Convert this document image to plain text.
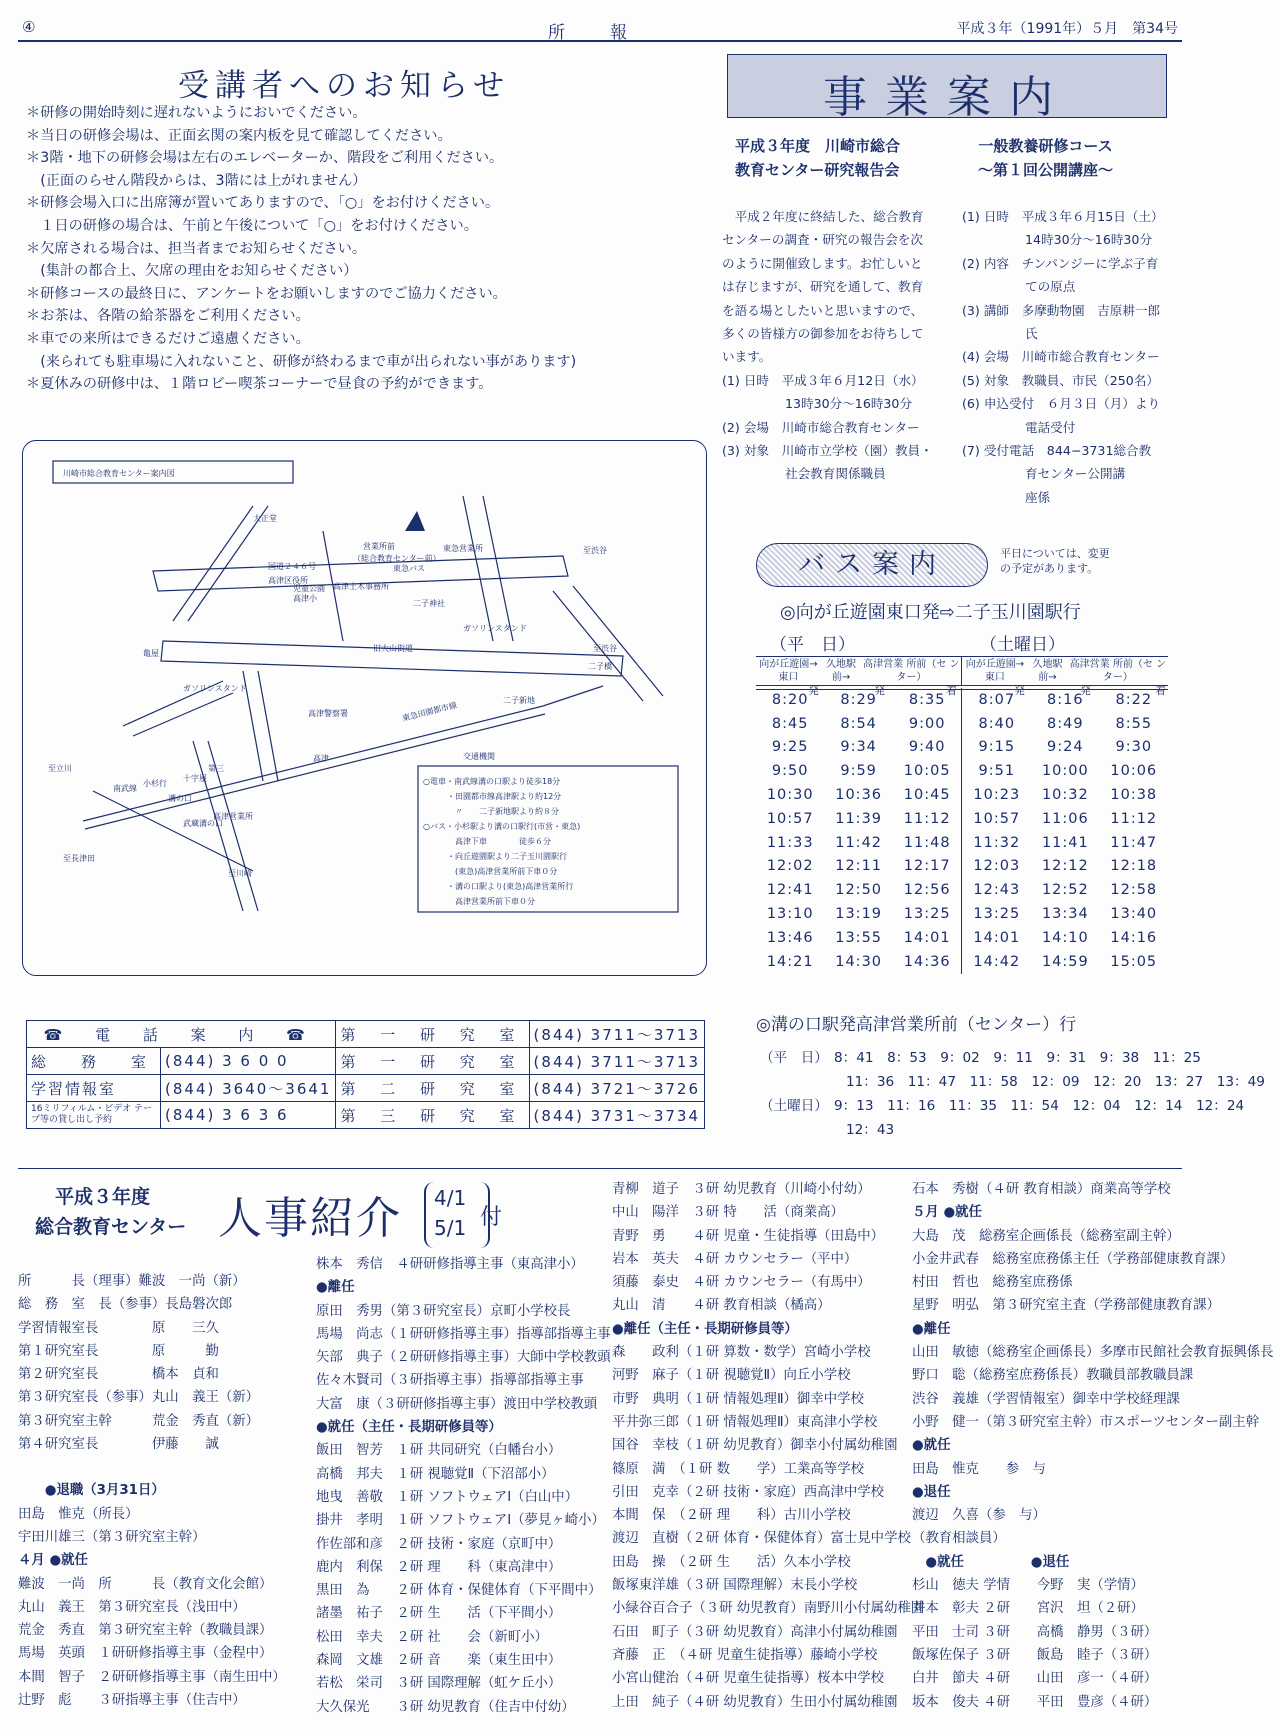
④	所　報	平成３年（1991年）５月　第34号
受講者へのお知らせ
＊研修の開始時刻に遅れないようにおいでください。
＊当日の研修会場は、正面玄関の案内板を見て確認してください。
＊3階・地下の研修会場は左右のエレベーターか、階段をご利用ください。
　(正面のらせん階段からは、3階には上がれません）
＊研修会場入口に出席簿が置いてありますので、「○」をお付けください。
　１日の研修の場合は、午前と午後について「○」をお付けください。
＊欠席される場合は、担当者までお知らせください。
　(集計の都合上、欠席の理由をお知らせください）
＊研修コースの最終日に、アンケートをお願いしますのでご協力ください。
＊お茶は、各階の給茶器をご利用ください。
＊車での来所はできるだけご遠慮ください。
　(来られても駐車場に入れないこと、研修が終わるまで車が出られない事があります)
＊夏休みの研修中は、１階ロビー喫茶コーナーで昼食の予約ができます。
川崎市総合教育センター案内図
国道２４６号
営業所前
（総合教育センター前）
旧大山街道
東急田園都市線
南武線
高津警察署
高津
溝の口
二子新地
二子橋
至渋谷
至渋谷
至長津田
至立川
至川崎
武蔵溝の口
高津営業所
高津小
東急バス
高津区役所
亀屋
小杉行
第三
十字屋
大正堂
高津土木事務所
児童公園
二子神社
ガソリンスタンド
ガソリンスタンド
東急営業所
交通機関
○電車・南武線溝の口駅より徒歩18分
　　　・田園都市線高津駅より約12分
　　　　〃　　二子新地駅より約８分
○バス・小杉駅より溝の口駅行(市営・東急)
　　　　高津下車　　　　徒歩６分
　　　・向丘遊園駅より二子玉川園駅行
　　　　(東急)高津営業所前下車０分
　　　・溝の口駅より(東急)高津営業所行
　　　　高津営業所前下車０分
☎ 電 話 案 内 ☎		第 一 研 究 室	(844) 3711〜3713
総　務　室	(844) 3 6 0 0	第 一 研 究 室	(844) 3711〜3713
学習情報室	(844) 3640〜3641	第 二 研 究 室	(844) 3721〜3726
16ミリフィルム・ビデオ テープ等の貸し出し予約	(844) 3 6 3 6	第 三 研 究 室	(844) 3731〜3734
事業案内
平成３年度　川崎市総合
教育センター研究報告会
一般教養研修コース
〜第１回公開講座〜
　平成２年度に終結した、総合教育
センターの調査・研究の報告会を次
のように開催致します。お忙しいと
は存じますが、研究を通して、教育
を語る場としたいと思いますので、
多くの皆様方の御参加をお待ちして
います。
(1) 日時　平成３年６月12日（水）
　　　　　13時30分〜16時30分
(2) 会場　川崎市総合教育センター
(3) 対象　川崎市立学校（園）教員・
　　　　　社会教育関係職員
(1) 日時　平成３年６月15日（土）
　　　　　14時30分〜16時30分
(2) 内容　チンパンジーに学ぶ子育
　　　　　ての原点
(3) 講師　多摩動物園　吉原耕一郎
　　　　　氏
(4) 会場　川崎市総合教育センター
(5) 対象　教職員、市民（250名）
(6) 申込受付　６月３日（月）より
　　　　　電話受付
(7) 受付電話　844−3731総合教
　　　　　育センター公開講
　　　　　座係
バス案内	平日については、変更
の予定があります。
◎向が丘遊園東口発⇨二子玉川園駅行
（平　日）	（土曜日）
向が丘遊園→ 東口	久地駅前→	高津営業 所前（セ ンター）	向が丘遊園→ 東口	久地駅前→	高津営業 所前（セ ンター）
発	発	着	発	発	着
8:20	8:29	8:35	8:07	8:16	8:22
8:45	8:54	9:00	8:40	8:49	8:55
9:25	9:34	9:40	9:15	9:24	9:30
9:50	9:59	10:05	9:51	10:00	10:06
10:30	10:36	10:45	10:23	10:32	10:38
10:57	11:39	11:12	10:57	11:06	11:12
11:33	11:42	11:48	11:32	11:41	11:47
12:02	12:11	12:17	12:03	12:12	12:18
12:41	12:50	12:56	12:43	12:52	12:58
13:10	13:19	13:25	13:25	13:34	13:40
13:46	13:55	14:01	14:01	14:10	14:16
14:21	14:30	14:36	14:42	14:59	15:05
◎溝の口駅発高津営業所前（センター）行
（平　日） 8：41　8：53　9：02　9：11　9：31　9：38　11：25
11：36　11：47　11：58　12：09　12：20　13：27　13：49
（土曜日） 9：13　11：16　11：35　11：54　12：04　12：14　12：24
12：43
平成３年度
総合教育センター 人事紹介 4/1
5/1 付
所　　　長（理事）難波　一尚（新）
総　務　室　長（参事）長島磐次郎
学習情報室長　　　　原　　三久
第１研究室長　　　　原　　　勤
第２研究室長　　　　橋本　貞和
第３研究室長（参事）丸山　義王（新）
第３研究室主幹　　　荒金　秀直（新）
第４研究室長　　　　伊藤　　誠
　　●退職（3月31日）
田島　惟克（所長）
宇田川雄三（第３研究室主幹）
４月 ●就任
難波　一尚　所　　　長（教育文化会館）
丸山　義王　第３研究室長（浅田中）
荒金　秀直　第３研究室主幹（教職員課）
馬場　英頭　１研研修指導主事（金程中）
本間　智子　２研研修指導主事（南生田中）
辻野　彪　　３研指導主事（住吉中）
株本　秀信　４研研修指導主事（東高津小）
●離任
原田　秀男（第３研究室長）京町小学校長
馬場　尚志（１研研修指導主事）指導部指導主事
矢部　典子（２研研修指導主事）大師中学校教頭
佐々木賢司（３研指導主事）指導部指導主事
大富　康（３研研修指導主事）渡田中学校教頭
●就任（主任・長期研修員等）
飯田　智芳　１研 共同研究（白幡台小）
高橋　邦夫　１研 視聴覚Ⅱ（下沼部小）
地曳　善敬　１研 ソフトウェアⅠ（白山中）
掛井　孝明　１研 ソフトウェアⅠ（夢見ヶ崎小）
作佐部和彦　２研 技術・家庭（京町中）
鹿内　利保　２研 理　　科（東高津中）
黒田　為　　２研 体育・保健体育（下平間中）
諸墨　祐子　２研 生　　活（下平間小）
松田　幸夫　２研 社　　会（新町小）
森岡　文雄　２研 音　　楽（東生田中）
若松　栄司　３研 国際理解（虹ケ丘小）
大久保光　　３研 幼児教育（住吉中付幼）
青柳　道子　３研 幼児教育（川崎小付幼）
中山　陽洋　３研 特　　活（商業高）
青野　勇　　４研 児童・生徒指導（田島中）
岩本　英夫　４研 カウンセラー（平中）
須藤　泰史　４研 カウンセラー（有馬中）
丸山　清　　４研 教育相談（橘高）
●離任（主任・長期研修員等）
森　　政利（１研 算数・数学）宮崎小学校
河野　麻子（１研 視聴覚Ⅱ）向丘小学校
市野　典明（１研 情報処理Ⅱ）御幸中学校
平井弥三郎（１研 情報処理Ⅱ）東高津小学校
国谷　幸枝（１研 幼児教育）御幸小付属幼稚園
篠原　満　（１研 数　　学）工業高等学校
引田　克幸（２研 技術・家庭）西高津中学校
本間　保　（２研 理　　科）古川小学校
渡辺　直樹（２研 体育・保健体育）富士見中学校
田島　操　（２研 生　　活）久本小学校
飯塚東洋雄（３研 国際理解）末長小学校
小緑谷百合子（３研 幼児教育）南野川小付属幼稚園
石田　町子（３研 幼児教育）高津小付属幼稚園
斉藤　正　（４研 児童生徒指導）藤崎小学校
小宮山健治（４研 児童生徒指導）桜本中学校
上田　純子（４研 幼児教育）生田小付属幼稚園
石本　秀樹（４研 教育相談）商業高等学校
５月 ●就任
大島　茂　総務室企画係長（総務室副主幹）
小金井武春　総務室庶務係主任（学務部健康教育課）
村田　哲也　総務室庶務係
星野　明弘　第３研究室主査（学務部健康教育課）
●離任
山田　敏徳（総務室企画係長）多摩市民館社会教育振興係長
野口　聡（総務室庶務係長）教職員部教職員課
渋谷　義雄（学習情報室）御幸中学校経理課
小野　健一（第３研究室主幹）市スポーツセンター副主幹
●就任
田島　惟克　　参　与
●退任
渡辺　久喜（参　与）
（教育相談員）
　●就任　　　　　●退任
杉山　徳夫 学情　　今野　実（学情）
井本　彰夫 ２研　　宮沢　坦（２研）
平田　士司 ３研　　高橋　静男（３研）
飯塚佐保子 ３研　　飯島　睦子（３研）
白井　節夫 ４研　　山田　彦一（４研）
坂本　俊夫 ４研　　平田　豊彦（４研）
